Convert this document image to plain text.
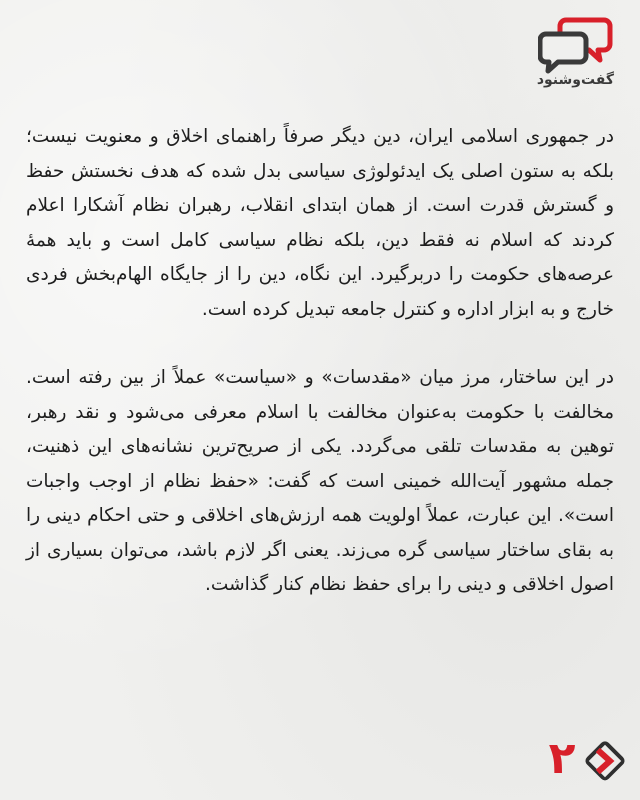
گفت‌وشنود

در جمهوری اسلامی ایران، دین دیگر صرفاً راهنمای اخلاق و معنویت نیست؛ بلکه به ستون اصلی یک ایدئولوژی سیاسی بدل شده که هدف نخستش حفظ و گسترش قدرت است. از همان ابتدای انقلاب، رهبران نظام آشکارا اعلام کردند که اسلام نه فقط دین، بلکه نظام سیاسی کامل است و باید همهٔ عرصه‌های حکومت را دربرگیرد. این نگاه، دین را از جایگاه الهام‌بخش فردی خارج و به ابزار اداره و کنترل جامعه تبدیل کرده است.

در این ساختار، مرز میان «مقدسات» و «سیاست» عملاً از بین رفته است. مخالفت با حکومت به‌عنوان مخالفت با اسلام معرفی می‌شود و نقد رهبر، توهین به مقدسات تلقی می‌گردد. یکی از صریح‌ترین نشانه‌های این ذهنیت، جمله مشهور آیت‌الله خمینی است که گفت: «حفظ نظام از اوجب واجبات است». این عبارت، عملاً اولویت همه ارزش‌های اخلاقی و حتی احکام دینی را به بقای ساختار سیاسی گره می‌زند. یعنی اگر لازم باشد، می‌توان بسیاری از اصول اخلاقی و دینی را برای حفظ نظام کنار گذاشت.

۲
